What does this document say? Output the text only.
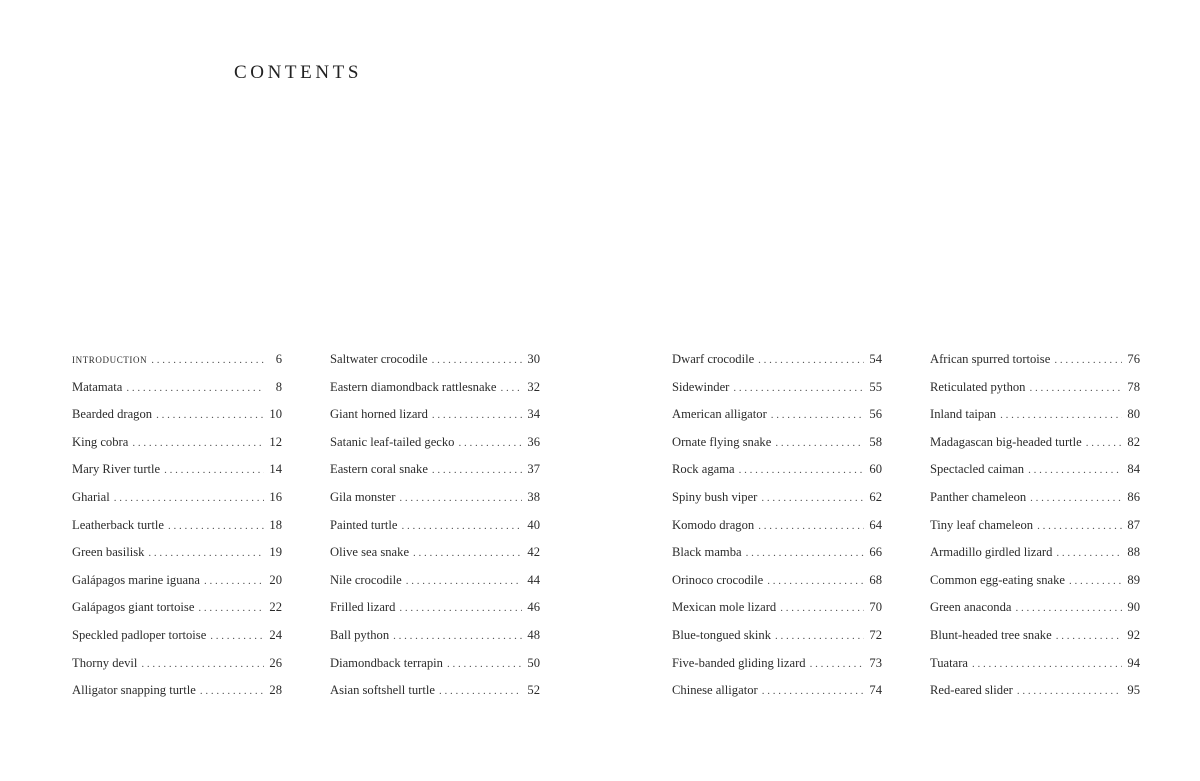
CONTENTS
introduction . . .	6
Matamata . . .	8
Bearded dragon . . .	10
King cobra . . .	12
Mary River turtle . . .	14
Gharial . . .	16
Leatherback turtle . . .	18
Green basilisk . . .	19
Galápagos marine iguana . . .	20
Galápagos giant tortoise . . .	22
Speckled padloper tortoise . . .	24
Thorny devil . . .	26
Alligator snapping turtle . . .	28
Saltwater crocodile . . .	30
Eastern diamondback rattlesnake . . . 32
Giant horned lizard . . .	34
Satanic leaf-tailed gecko . . .	36
Eastern coral snake . . .	37
Gila monster . . .	38
Painted turtle . . .	40
Olive sea snake . . .	42
Nile crocodile . . .	44
Frilled lizard . . .	46
Ball python . . .	48
Diamondback terrapin . . .	50
Asian softshell turtle . . .	52
Dwarf crocodile . . .	54
Sidewinder . . .	55
American alligator . . .	56
Ornate flying snake . . .	58
Rock agama . . .	60
Spiny bush viper . . .	62
Komodo dragon . . .	64
Black mamba . . .	66
Orinoco crocodile . . .	68
Mexican mole lizard . . .	70
Blue-tongued skink . . .	72
Five-banded gliding lizard . . .	73
Chinese alligator . . .	74
African spurred tortoise . . .	76
Reticulated python . . .	78
Inland taipan . . .	80
Madagascan big-headed turtle . . .	82
Spectacled caiman . . .	84
Panther chameleon . . .	86
Tiny leaf chameleon . . .	87
Armadillo girdled lizard . . .	88
Common egg-eating snake . . .	89
Green anaconda . . .	90
Blunt-headed tree snake . . .	92
Tuatara . . .	94
Red-eared slider . . .	95
